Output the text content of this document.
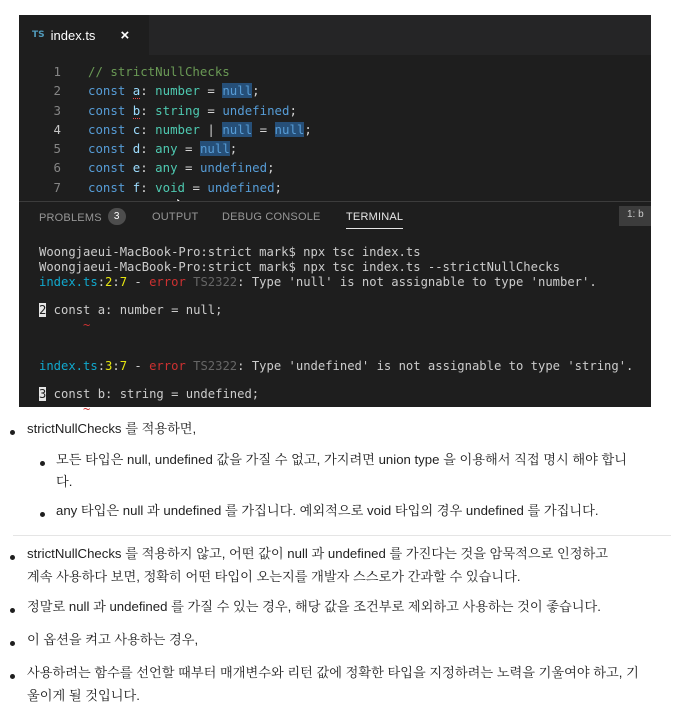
TS index.ts ×
1 // strictNullChecks
2 const a: number = null;
3 const b: string = undefined;
4 const c: number | null = null;
5 const d: any = null;
6 const e: any = undefined;
7 const f: void = undefined;
PROBLEMS 3	OUTPUT DEBUG CONSOLE TERMINAL	1: b
Woongjaeui-MacBook-Pro:strict mark$ npx tsc index.ts
Woongjaeui-MacBook-Pro:strict mark$ npx tsc index.ts --strictNullChecks
index.ts:2:7 - error TS2322: Type 'null' is not assignable to type 'number'.
2 const a: number = null;
~
index.ts:3:7 - error TS2322: Type 'undefined' is not assignable to type 'string'.
3 const b: string = undefined;
~
strictNullChecks 를 적용하면,
모든 타입은 null, undefined 값을 가질 수 없고, 가지려면 union type 을 이용해서 직접 명시 해야 합니
다.
any 타입은 null 과 undefined 를 가집니다. 예외적으로 void 타입의 경우 undefined 를 가집니다.
strictNullChecks 를 적용하지 않고, 어떤 값이 null 과 undefined 를 가진다는 것을 암묵적으로 인정하고
계속 사용하다 보면, 정확히 어떤 타입이 오는지를 개발자 스스로가 간과할 수 있습니다.
정말로 null 과 undefined 를 가질 수 있는 경우, 해당 값을 조건부로 제외하고 사용하는 것이 좋습니다.
이 옵션을 켜고 사용하는 경우,
사용하려는 함수를 선언할 때부터 매개변수와 리턴 값에 정확한 타입을 지정하려는 노력을 기울여야 하고, 기
울이게 될 것입니다.
